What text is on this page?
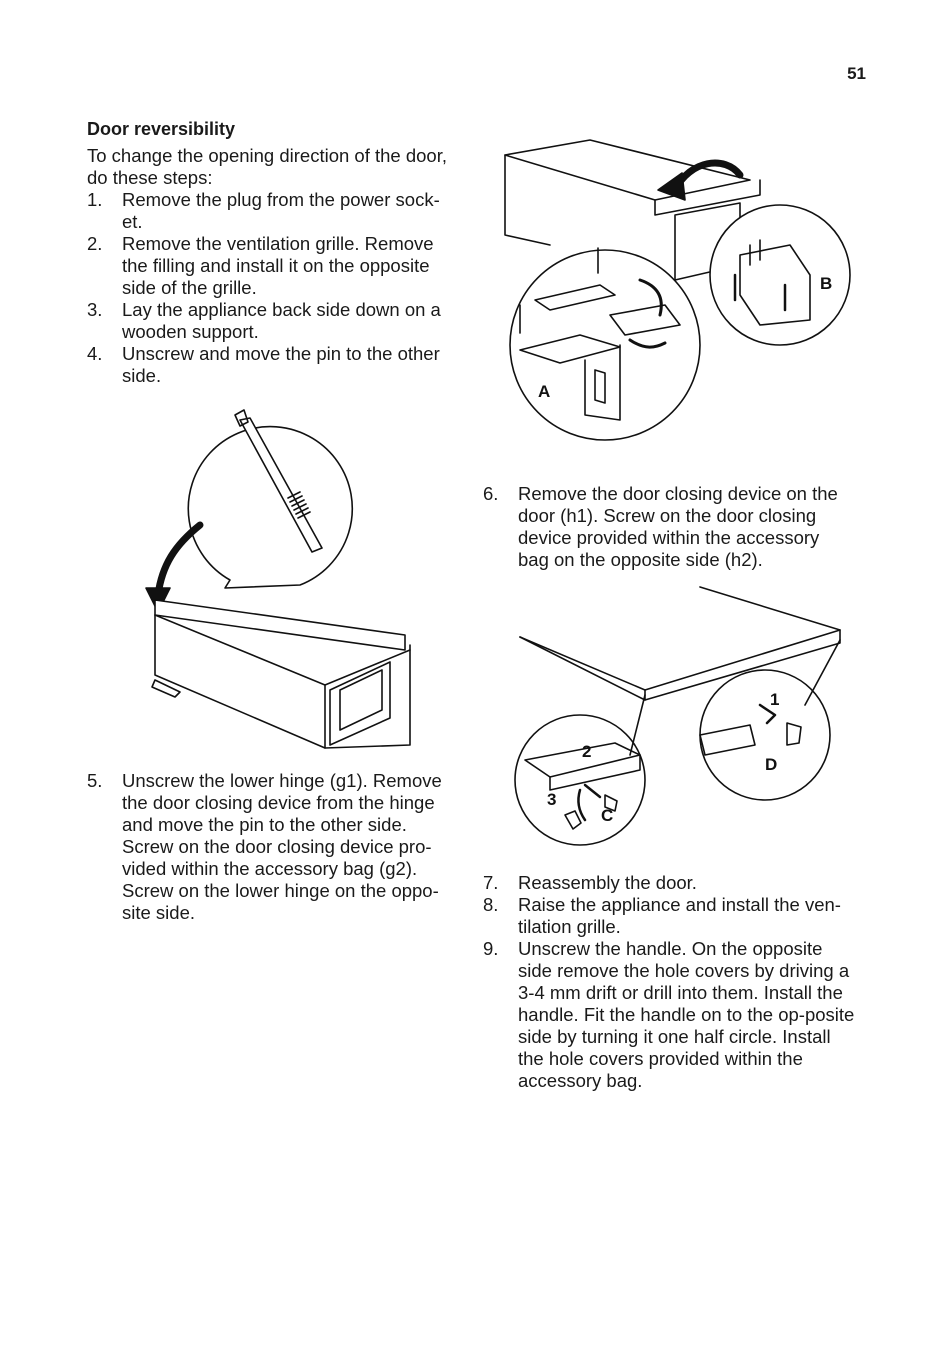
51
Door reversibility

To change the opening direction of the door, do these steps:

1.	Remove the plug from the power sock-et.
2.	Remove the ventilation grille. Remove the filling and install it on the opposite side of the grille.
3.	Lay the appliance back side down on a wooden support.
4.	Unscrew and move the pin to the other side.
5.	Unscrew the lower hinge (g1). Remove the door closing device from the hinge and move the pin to the other side. Screw on the door closing device pro-vided within the accessory bag (g2). Screw on the lower hinge on the oppo-site side.
A
B
6.	Remove the door closing device on the door (h1). Screw on the door closing device provided within the accessory bag on the opposite side (h2).
1
2
3
C
D
7.	Reassembly the door.
8.	Raise the appliance and install the ven-tilation grille.
9.	Unscrew the handle. On the opposite side remove the hole covers by driving a 3-4 mm drift or drill into them. Install the handle. Fit the handle on to the op-posite side by turning it one half circle. Install the hole covers provided within the accessory bag.
